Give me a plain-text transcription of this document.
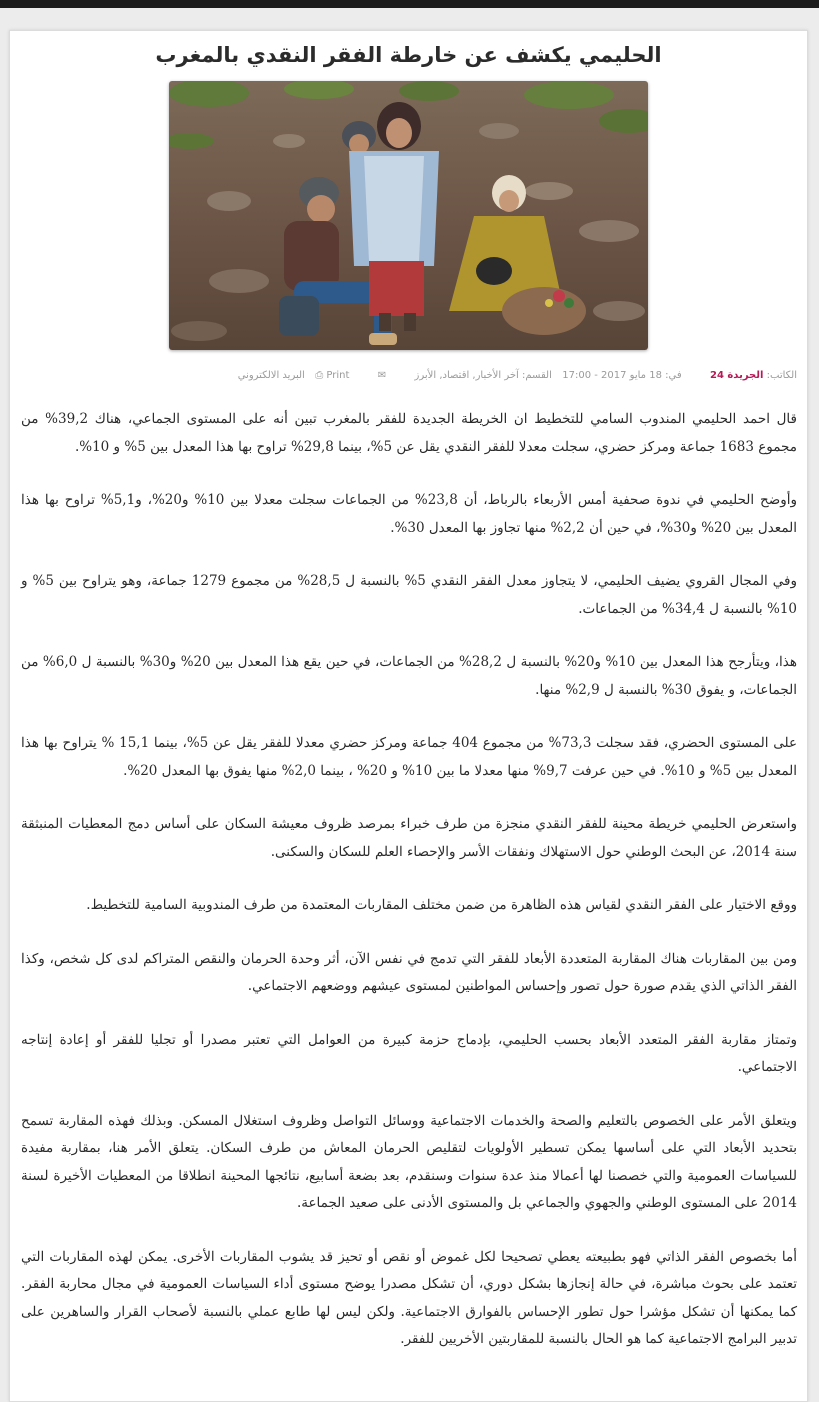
الحليمي يكشف عن خارطة الفقر النقدي بالمغرب
الكاتب: الجريدة 24  في: 18 مايو 2017 - 17:00  القسم: آخر الأخبار, اقتصاد, الأبرز  ✉  Print ⎙  البريد الالكتروني

قال احمد الحليمي المندوب السامي للتخطيط ان الخريطة الجديدة للفقر بالمغرب تبين أنه على المستوى الجماعي، هناك 39,2% من مجموع 1683 جماعة ومركز حضري، سجلت معدلا للفقر النقدي يقل عن 5%، بينما 29,8% تراوح بها هذا المعدل بين 5% و 10%.

وأوضح الحليمي في ندوة صحفية أمس الأربعاء بالرباط، أن 23,8% من الجماعات سجلت معدلا بين 10% و20%، و5,1% تراوح بها هذا المعدل بين 20% و30%، في حين أن 2,2% منها تجاوز بها المعدل 30%.

وفي المجال القروي يضيف الحليمي، لا يتجاوز معدل الفقر النقدي 5% بالنسبة ل 28,5% من مجموع 1279 جماعة، وهو يتراوح بين 5% و 10% بالنسبة ل 34,4% من الجماعات.

هذا، ويتأرجح هذا المعدل بين 10% و20% بالنسبة ل 28,2% من الجماعات، في حين يقع هذا المعدل بين 20% و30% بالنسبة ل 6,0% من الجماعات، و يفوق 30% بالنسبة ل 2,9% منها.

على المستوى الحضري، فقد سجلت 73,3% من مجموع 404 جماعة ومركز حضري معدلا للفقر يقل عن 5%، بينما 15,1 % يتراوح بها هذا المعدل بين 5% و 10%. في حين عرفت 9,7% منها معدلا ما بين 10% و 20% ، بينما 2,0% منها يفوق بها المعدل 20%.

واستعرض الحليمي خريطة محينة للفقر النقدي منجزة من طرف خبراء بمرصد ظروف معيشة السكان على أساس دمج المعطيات المنبثقة سنة 2014، عن البحث الوطني حول الاستهلاك ونفقات الأسر والإحصاء العلم للسكان والسكنى.

ووقع الاختيار على الفقر النقدي لقياس هذه الظاهرة من ضمن مختلف المقاربات المعتمدة من طرف المندوبية السامية للتخطيط.

ومن بين المقاربات هناك المقاربة المتعددة الأبعاد للفقر التي تدمج في نفس الآن، أثر وحدة الحرمان والنقص المتراكم لدى كل شخص، وكذا الفقر الذاتي الذي يقدم صورة حول تصور وإحساس المواطنين لمستوى عيشهم ووضعهم الاجتماعي.

وتمتاز مقاربة الفقر المتعدد الأبعاد بحسب الحليمي، بإدماج حزمة كبيرة من العوامل التي تعتبر مصدرا أو تجليا للفقر أو إعادة إنتاجه الاجتماعي.

ويتعلق الأمر على الخصوص بالتعليم والصحة والخدمات الاجتماعية ووسائل التواصل وظروف استغلال المسكن. وبذلك فهذه المقاربة تسمح بتحديد الأبعاد التي على أساسها يمكن تسطير الأولويات لتقليص الحرمان المعاش من طرف السكان. يتعلق الأمر هنا، بمقاربة مفيدة للسياسات العمومية والتي خصصنا لها أعمالا منذ عدة سنوات وسنقدم، بعد بضعة أسابيع، نتائجها المحينة انطلاقا من المعطيات الأخيرة لسنة 2014 على المستوى الوطني والجهوي والجماعي بل والمستوى الأدنى على صعيد الجماعة.

أما بخصوص الفقر الذاتي فهو بطبيعته يعطي تصحيحا لكل غموض أو نقص أو تحيز قد يشوب المقاربات الأخرى. يمكن لهذه المقاربات التي تعتمد على بحوث مباشرة، في حالة إنجازها بشكل دوري، أن تشكل مصدرا يوضح مستوى أداء السياسات العمومية في مجال محاربة الفقر. كما يمكنها أن تشكل مؤشرا حول تطور الإحساس بالفوارق الاجتماعية. ولكن ليس لها طابع عملي بالنسبة لأصحاب القرار والساهرين على تدبير البرامج الاجتماعية كما هو الحال بالنسبة للمقاربتين الأخريين للفقر.
